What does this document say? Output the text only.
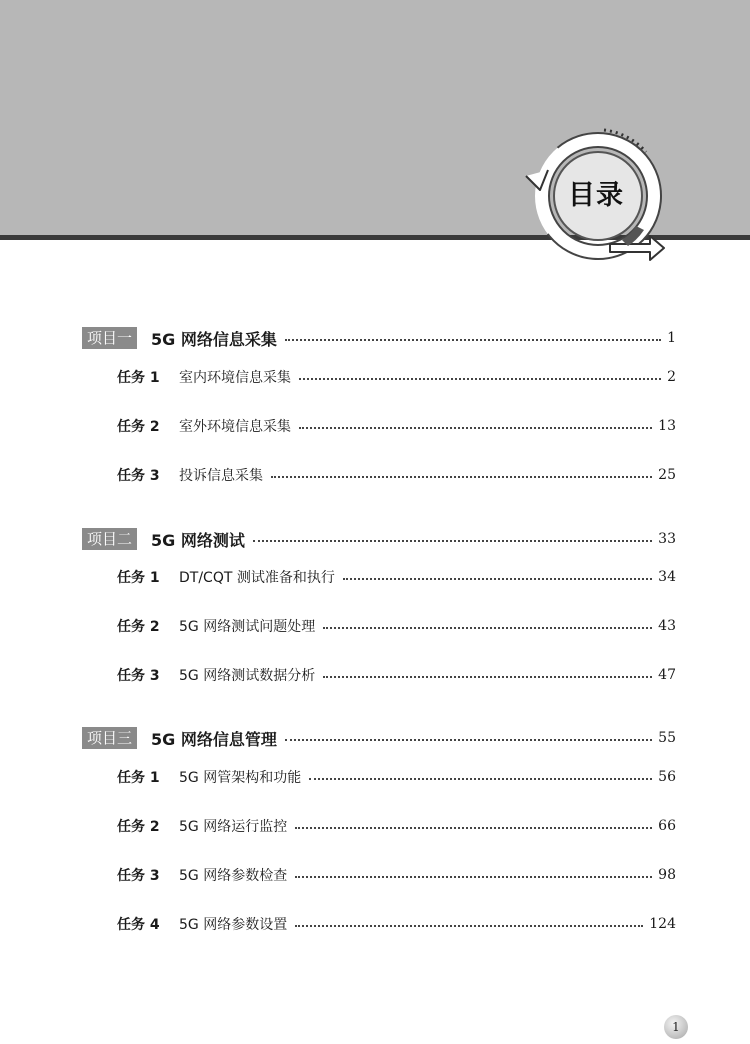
目录
项目一	5G 网络信息采集	1
任务 1	室内环境信息采集	2
任务 2	室外环境信息采集	13
任务 3	投诉信息采集	25
项目二	5G 网络测试	33
任务 1	DT/CQT 测试准备和执行	34
任务 2	5G 网络测试问题处理	43
任务 3	5G 网络测试数据分析	47
项目三	5G 网络信息管理	55
任务 1	5G 网管架构和功能	56
任务 2	5G 网络运行监控	66
任务 3	5G 网络参数检查	98
任务 4	5G 网络参数设置	124
1
